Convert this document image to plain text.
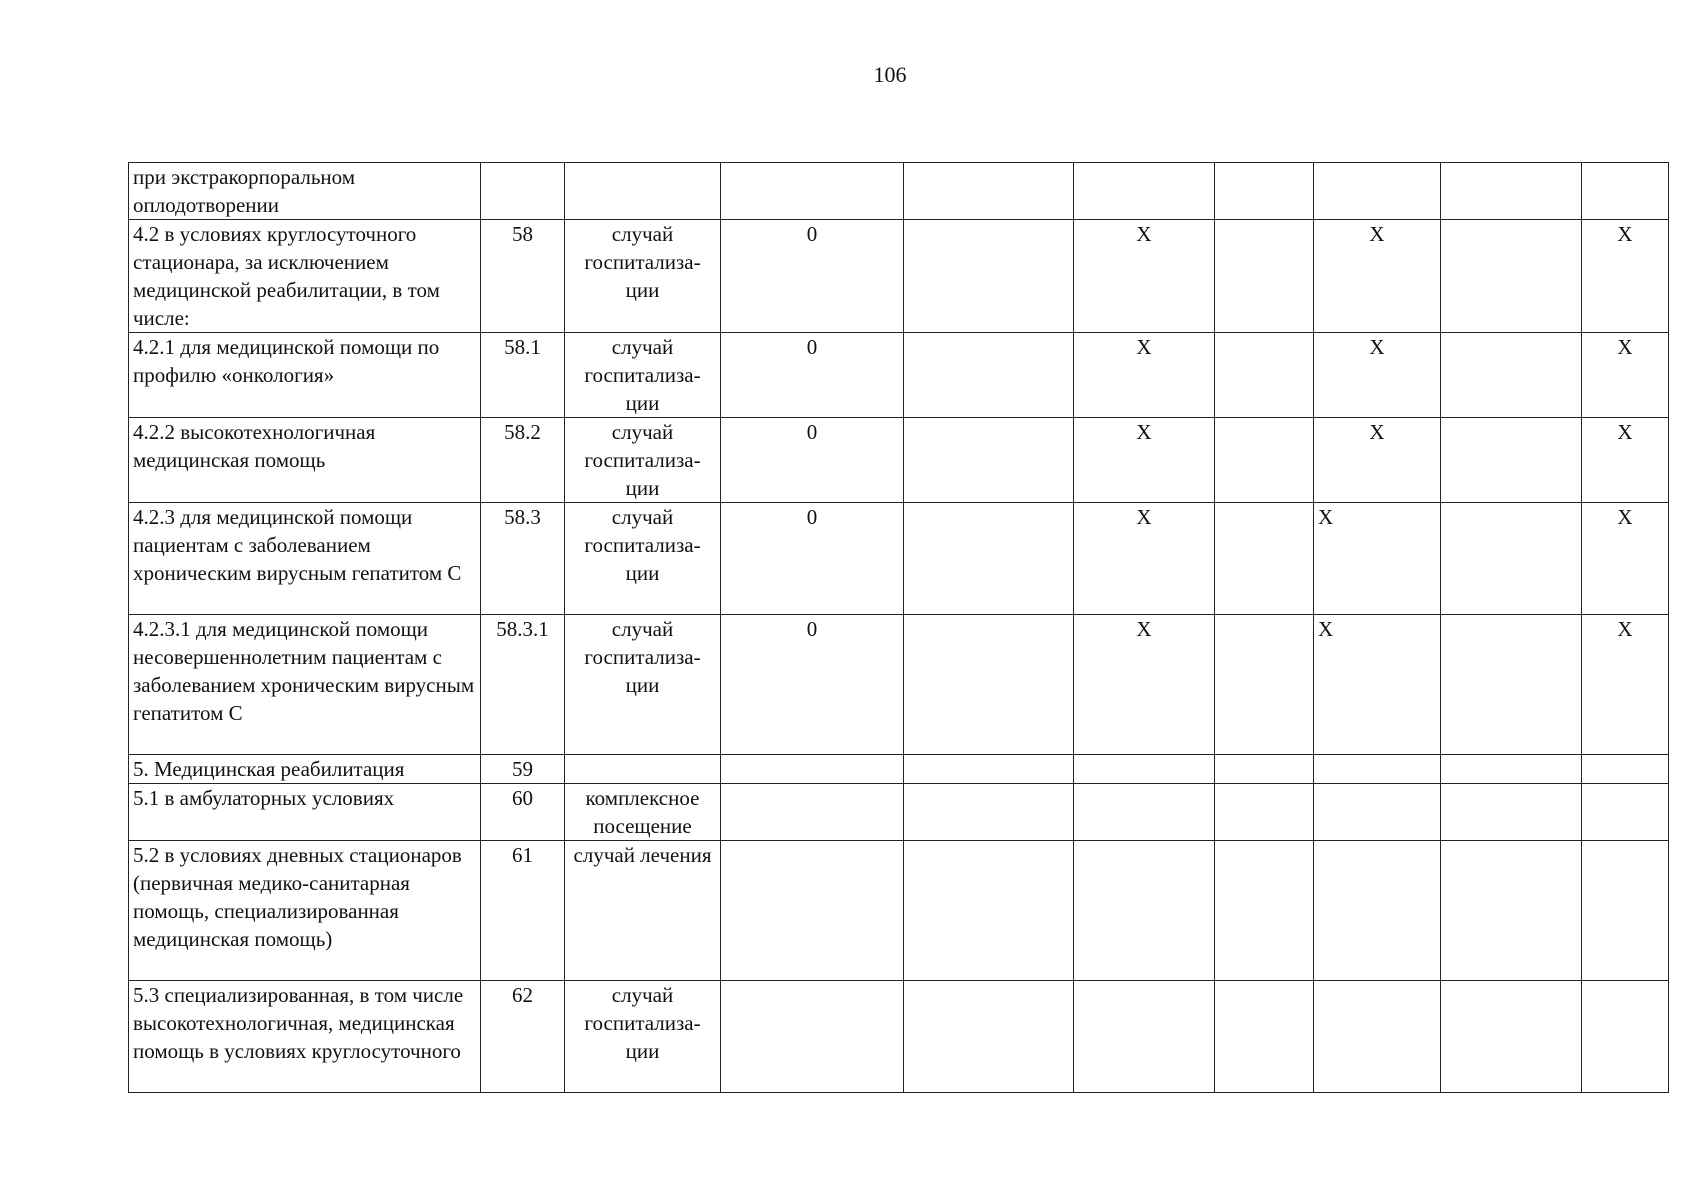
106
при экстракорпоральном оплодотворении									
4.2 в условиях круглосуточного стационара, за исключением медицинской реабилитации, в том числе:	58	случай госпитализа-ции	0		X		X		X
4.2.1 для медицинской помощи по профилю «онкология»	58.1	случай госпитализа-ции	0		X		X		X
4.2.2 высокотехнологичная медицинская помощь	58.2	случай госпитализа-ции	0		X		X		X
4.2.3 для медицинской помощи пациентам с заболеванием хроническим вирусным гепатитом С	58.3	случай госпитализа-ции	0		X		X		X
4.2.3.1 для медицинской помощи несовершеннолетним пациентам с заболеванием хроническим вирусным гепатитом С	58.3.1	случай госпитализа-ции	0		X		X		X
5. Медицинская реабилитация	59								
5.1 в амбулаторных условиях	60	комплексное посещение							
5.2 в условиях дневных стационаров (первичная медико-санитарная помощь, специализированная медицинская помощь)	61	случай лечения							
5.3 специализированная, в том числе высокотехнологичная, медицинская помощь в условиях круглосуточного	62	случай госпитализа-ции							
